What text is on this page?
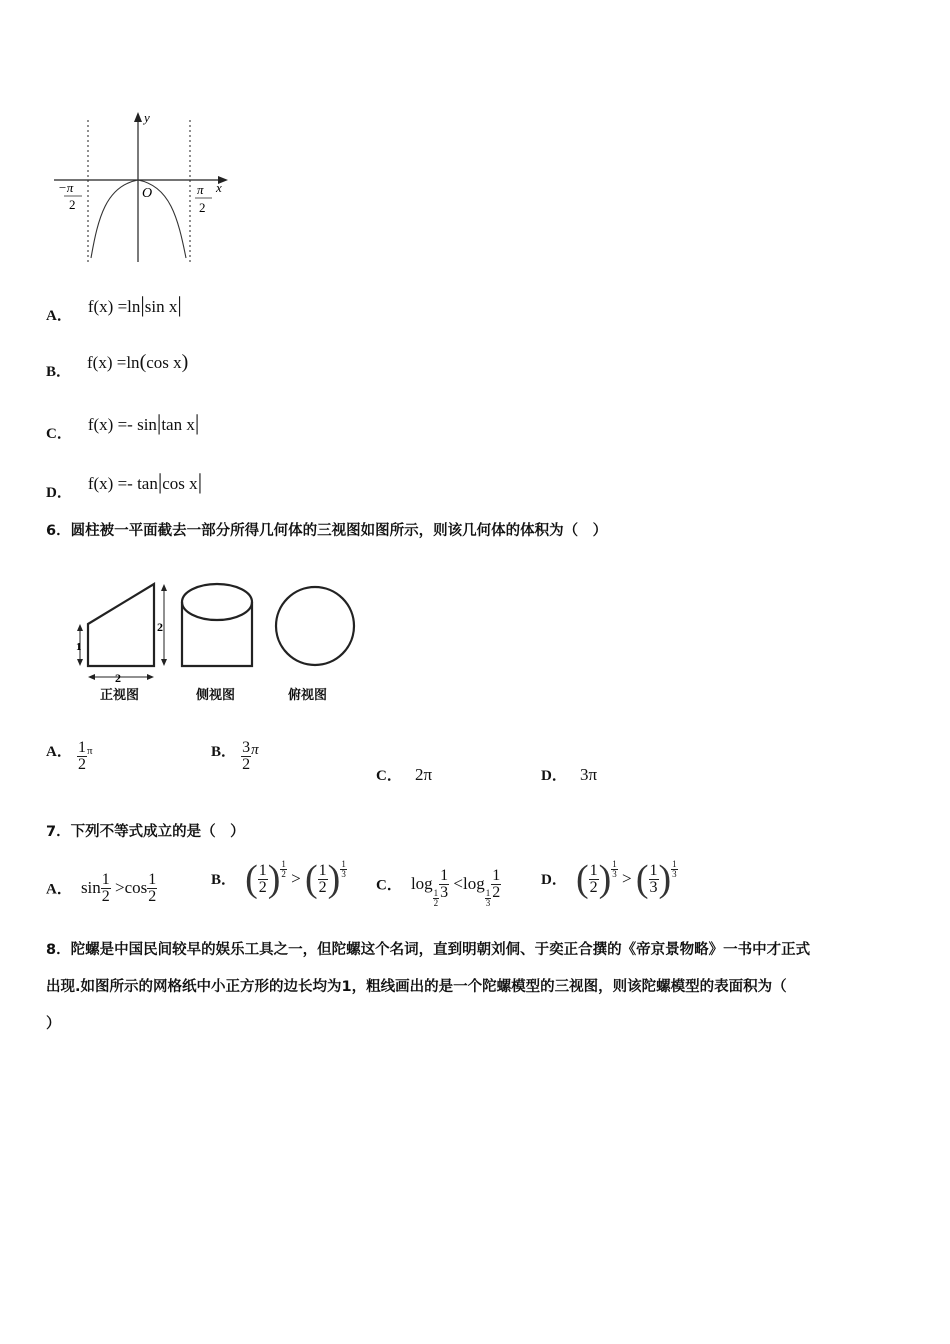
y
x
O
−π
2
π
2
A． f(x) =ln|sin x|
B． f(x) =ln(cos x)
C． f(x) =- sin|tan x|
D． f(x) =- tan|cos x|
6．圆柱被一平面截去一部分所得几何体的三视图如图所示，则该几何体的体积为（　）
1
2
2
正视图	侧视图	俯视图
A． $\frac{1}{2} ^\pi$	B． $\frac{3}{2}$ π
C． 2π	D． 3π
7．下列不等式成立的是（　）
A． $\sin \frac{1}{2} >\cos \frac{1}{2}$	B． ( $\frac{1}{2}$ ) $\frac{1}{2}$ > ( $\frac{1}{2}$ ) $\frac{1}{3}$
C． log
$\frac{1}{2} \frac{1}{3} <\log$
$\frac{1}{3} \frac{1}{2}$	D． ( $\frac{1}{2}$ ) $\frac{1}{3}$ > ( $\frac{1}{3}$ ) $\frac{1}{3}$
8．陀螺是中国民间较早的娱乐工具之一，但陀螺这个名词，直到明朝刘侗、于奕正合撰的《帝京景物略》一书中才正式
出现.如图所示的网格纸中小正方形的边长均为1，粗线画出的是一个陀螺模型的三视图，则该陀螺模型的表面积为（
）
